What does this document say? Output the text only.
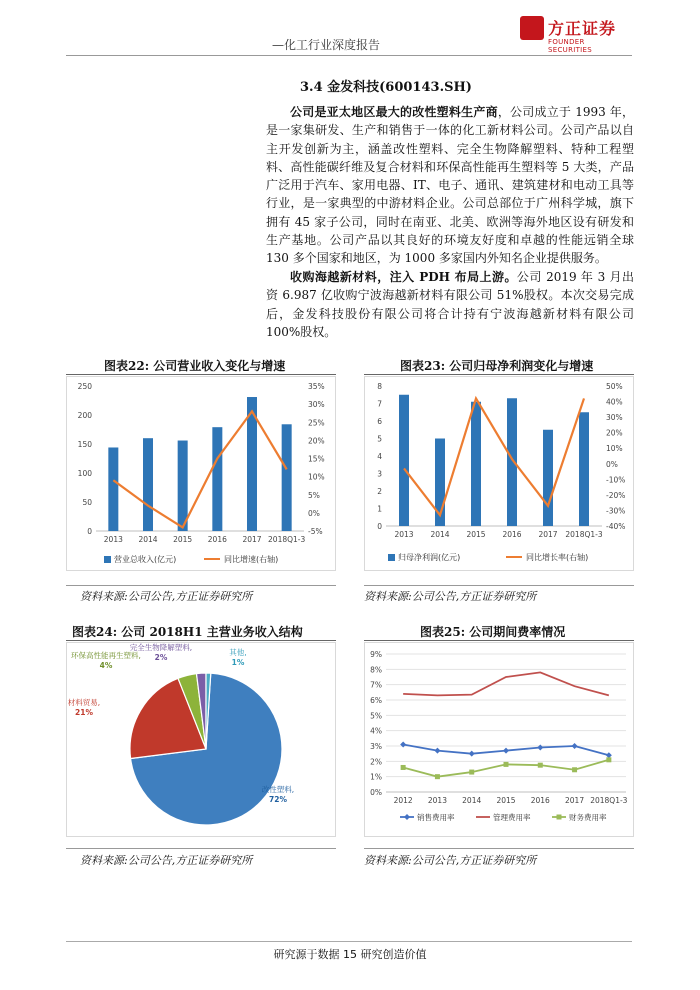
—化工行业深度报告
方正证券
FOUNDER SECURITIES
3.4 金发科技(600143.SH)
公司是亚太地区最大的改性塑料生产商，公司成立于 1993 年，是一家集研发、生产和销售于一体的化工新材料公司。公司产品以自主开发创新为主，涵盖改性塑料、完全生物降解塑料、特种工程塑料、高性能碳纤维及复合材料和环保高性能再生塑料等 5 大类，产品广泛用于汽车、家用电器、IT、电子、通讯、建筑建材和电动工具等行业，是一家典型的中游材料企业。公司总部位于广州科学城，旗下拥有 45 家子公司，同时在南亚、北美、欧洲等海外地区设有研发和生产基地。公司产品以其良好的环境友好度和卓越的性能远销全球 130 多个国家和地区，为 1000 多家国内外知名企业提供服务。
收购海越新材料，注入 PDH 布局上游。公司 2019 年 3 月出资 6.987 亿收购宁波海越新材料有限公司 51%股权。本次交易完成后，金发科技股份有限公司将合计持有宁波海越新材料有限公司 100%股权。
图表22: 公司营业收入变化与增速
0
50
100
150
200
250
-5%
0%
5%
10%
15%
20%
25%
30%
35%
2013 2014 2015 2016 2017 2018Q1-3
营业总收入(亿元)	同比增速(右轴)
资料来源:公司公告,方正证券研究所
图表23: 公司归母净利润变化与增速
0
1
2
3
4
5
6
7
8
-40%
-30%
-20%
-10%
0%
10%
20%
30%
40%
50%
2013 2014 2015 2016 2017 2018Q1-3
归母净利润(亿元)	同比增长率(右轴)
资料来源:公司公告,方正证券研究所
图表24: 公司 2018H1 主营业务收入结构
改性塑料,
72%
材料贸易,
21%
环保高性能再生塑料,
4%
完全生物降解塑料,
2%
其他,
1%
资料来源:公司公告,方正证券研究所
图表25: 公司期间费率情况
0%
1%
2%
3%
4%
5%
6%
7%
8%
9%
2012 2013 2014 2015 2016 2017 2018Q1-3
销售费用率	管理费用率	财务费用率
资料来源:公司公告,方正证券研究所
研究源于数据 15 研究创造价值
